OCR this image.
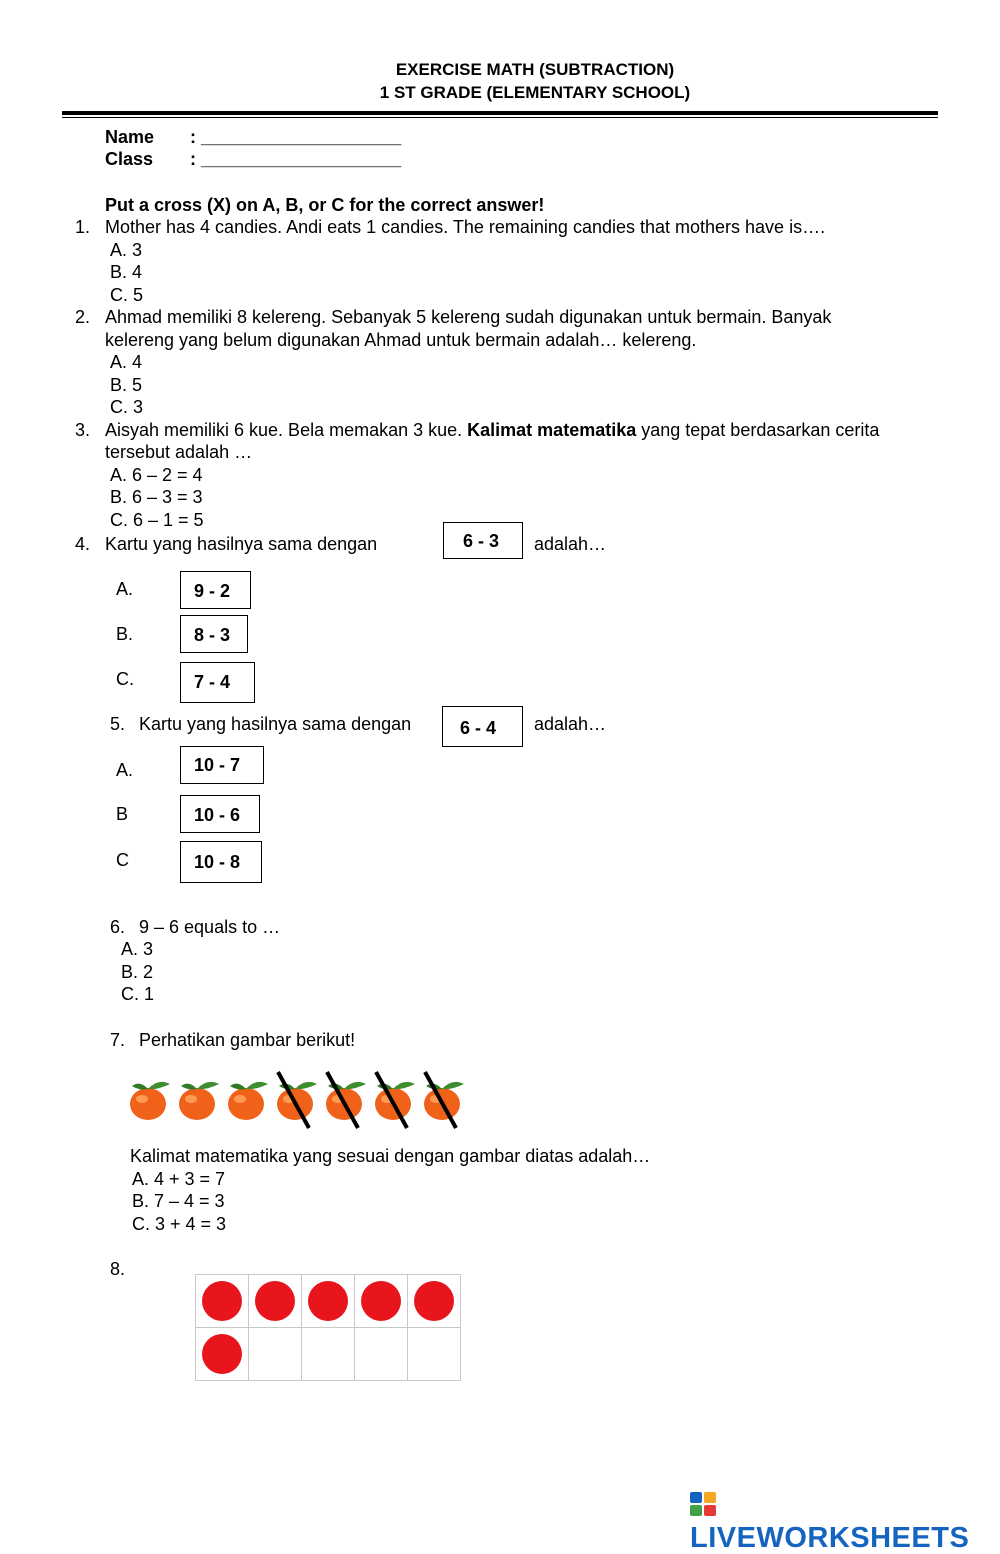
EXERCISE MATH (SUBTRACTION)
1 ST GRADE (ELEMENTARY SCHOOL)
Name : ____________________
Class : ____________________
Put a cross (X) on A, B, or C for the correct answer!
1. Mother has 4 candies. Andi eats 1 candies. The remaining candies that mothers have is….
A. 3
B. 4
C. 5
2. Ahmad memiliki 8 kelereng. Sebanyak 5 kelereng sudah digunakan untuk bermain. Banyak
kelereng yang belum digunakan Ahmad untuk bermain adalah… kelereng.
A. 4
B. 5
C. 3
3. Aisyah memiliki 6 kue. Bela memakan 3 kue. Kalimat matematika yang tepat berdasarkan cerita
tersebut adalah …
A. 6 – 2 = 4
B. 6 – 3 = 3
C. 6 – 1 = 5
4. Kartu yang hasilnya sama dengan	6 - 3	adalah…
A.	9 - 2
B.	8 - 3
C.	7 - 4
5. Kartu yang hasilnya sama dengan	6 - 4	adalah…
A.	10 - 7
B	10 - 6
C	10 - 8
6. 9 – 6 equals to …
A. 3
B. 2
C. 1
7. Perhatikan gambar berikut!
Kalimat matematika yang sesuai dengan gambar diatas adalah…
A. 4 + 3 = 7
B. 7 – 4 = 3
C. 3 + 4 = 3
8.

LIVEWORKSHEETS
